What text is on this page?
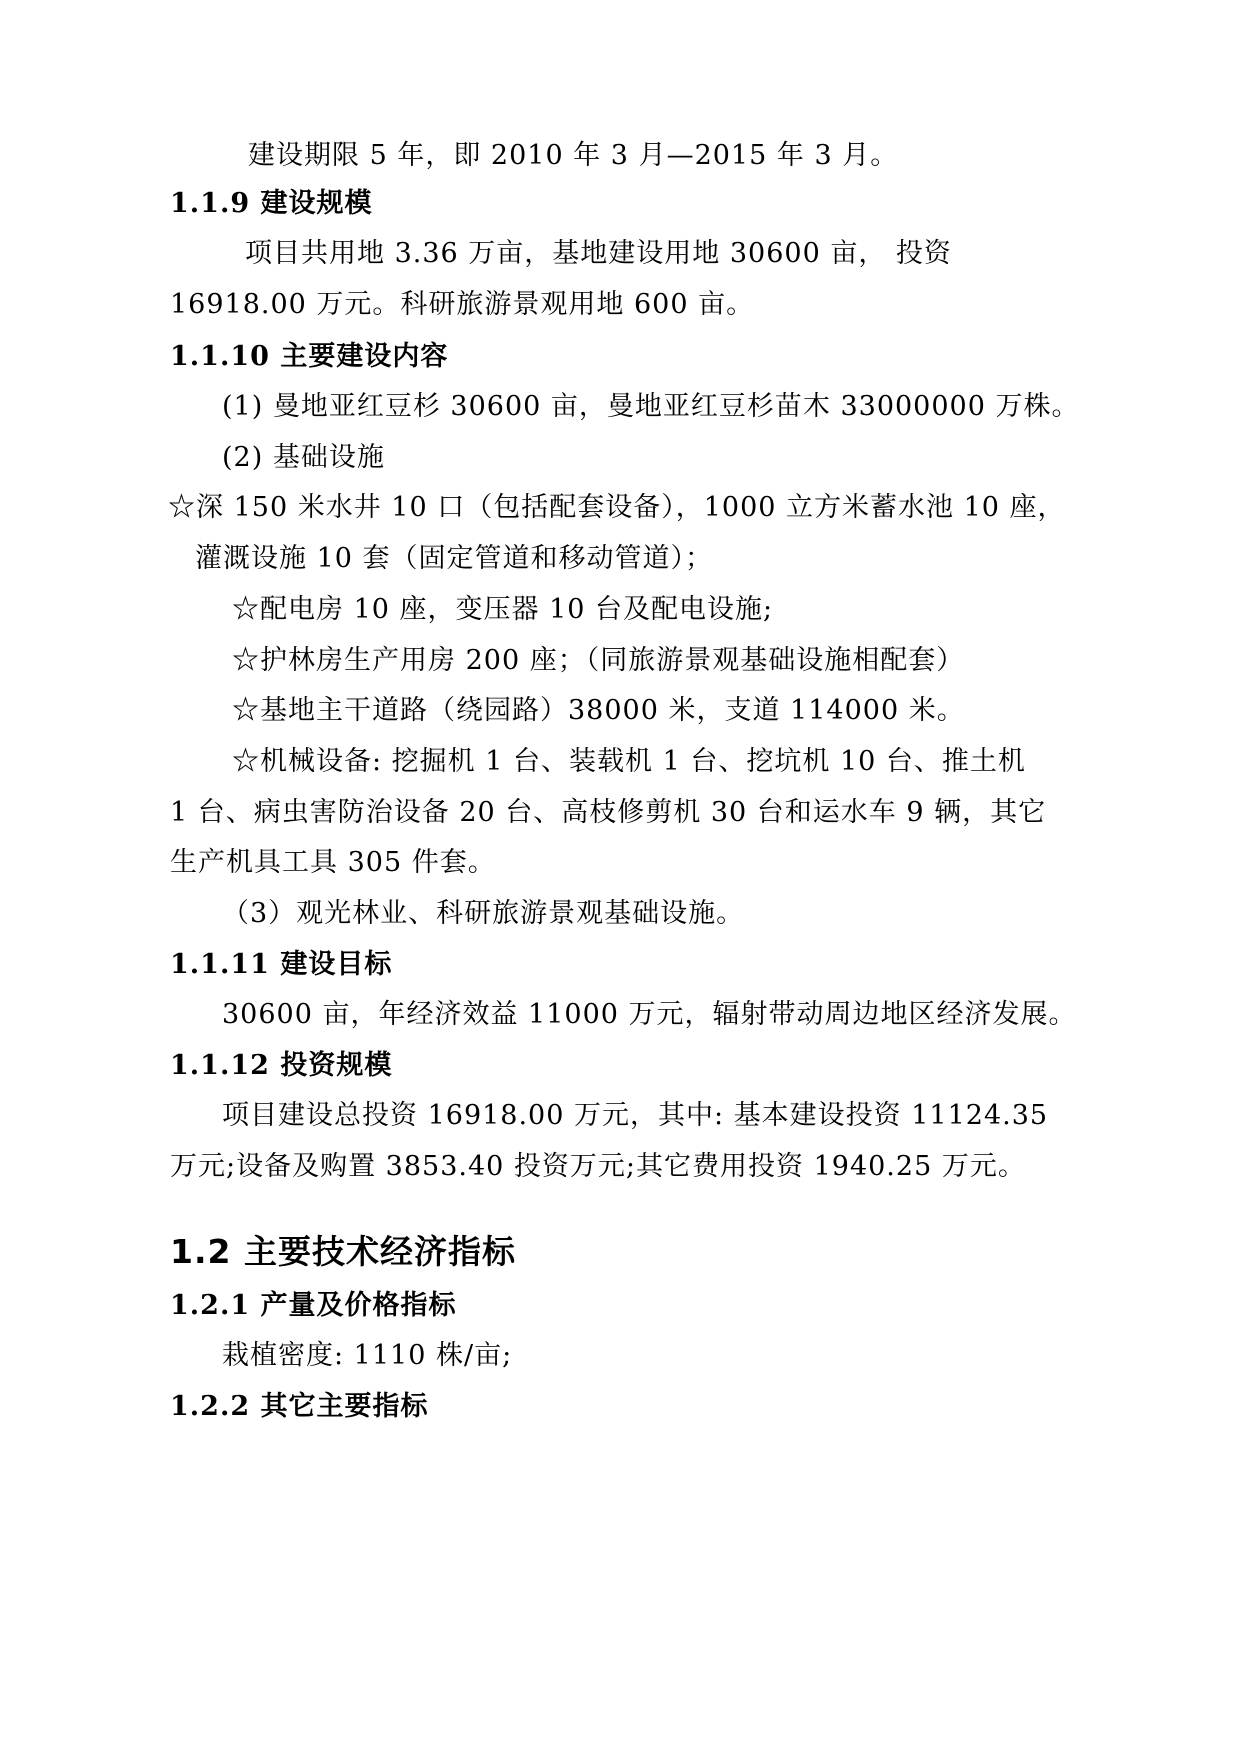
建设期限 5 年，即 2010 年 3 月—2015 年 3 月。
1.1.9 建设规模
项目共用地 3.36 万亩，基地建设用地 30600 亩， 投资
16918.00 万元。科研旅游景观用地 600 亩。
1.1.10 主要建设内容
(1) 曼地亚红豆杉 30600 亩，曼地亚红豆杉苗木 33000000 万株。
(2) 基础设施
☆深 150 米水井 10 口（包括配套设备），1000 立方米蓄水池 10 座，
灌溉设施 10 套（固定管道和移动管道）；
☆配电房 10 座，变压器 10 台及配电设施;
☆护林房生产用房 200 座；（同旅游景观基础设施相配套）
☆基地主干道路（绕园路）38000 米，支道 114000 米。
☆机械设备: 挖掘机 1 台、装载机 1 台、挖坑机 10 台、推土机
1 台、病虫害防治设备 20 台、高枝修剪机 30 台和运水车 9 辆，其它
生产机具工具 305 件套。
（3）观光林业、科研旅游景观基础设施。
1.1.11 建设目标
30600 亩，年经济效益 11000 万元，辐射带动周边地区经济发展。
1.1.12 投资规模
项目建设总投资 16918.00 万元，其中: 基本建设投资 11124.35
万元;设备及购置 3853.40 投资万元;其它费用投资 1940.25 万元。
1.2 主要技术经济指标
1.2.1 产量及价格指标
栽植密度: 1110 株/亩;
1.2.2 其它主要指标
